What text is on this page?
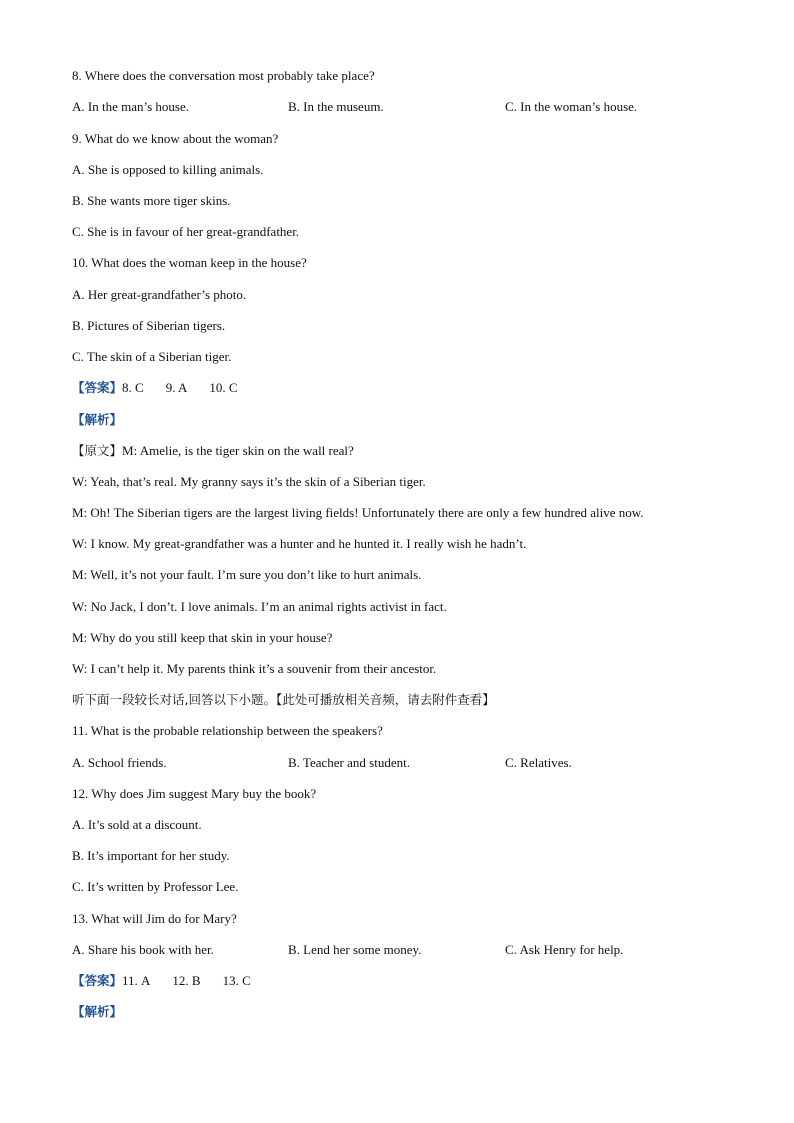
8. Where does the conversation most probably take place?
A. In the man’s house.	B. In the museum.	C. In the woman’s house.
9. What do we know about the woman?
A. She is opposed to killing animals.
B. She wants more tiger skins.
C. She is in favour of her great-grandfather.
10. What does the woman keep in the house?
A. Her great-grandfather’s photo.
B. Pictures of Siberian tigers.
C. The skin of a Siberian tiger.
【答案】8. C 9. A 10. C
【解析】
【原文】M: Amelie, is the tiger skin on the wall real?
W: Yeah, that’s real. My granny says it’s the skin of a Siberian tiger.
M: Oh! The Siberian tigers are the largest living fields! Unfortunately there are only a few hundred alive now.
W: I know. My great-grandfather was a hunter and he hunted it. I really wish he hadn’t.
M: Well, it’s not your fault. I’m sure you don’t like to hurt animals.
W: No Jack, I don’t. I love animals. I’m an animal rights activist in fact.
M: Why do you still keep that skin in your house?
W: I can’t help it. My parents think it’s a souvenir from their ancestor.
听下面一段较长对话,回答以下小题。【此处可播放相关音频，请去附件查看】
11. What is the probable relationship between the speakers?
A. School friends.	B. Teacher and student.	C. Relatives.
12. Why does Jim suggest Mary buy the book?
A. It’s sold at a discount.
B. It’s important for her study.
C. It’s written by Professor Lee.
13. What will Jim do for Mary?
A. Share his book with her.	B. Lend her some money.	C. Ask Henry for help.
【答案】11. A 12. B 13. C
【解析】
